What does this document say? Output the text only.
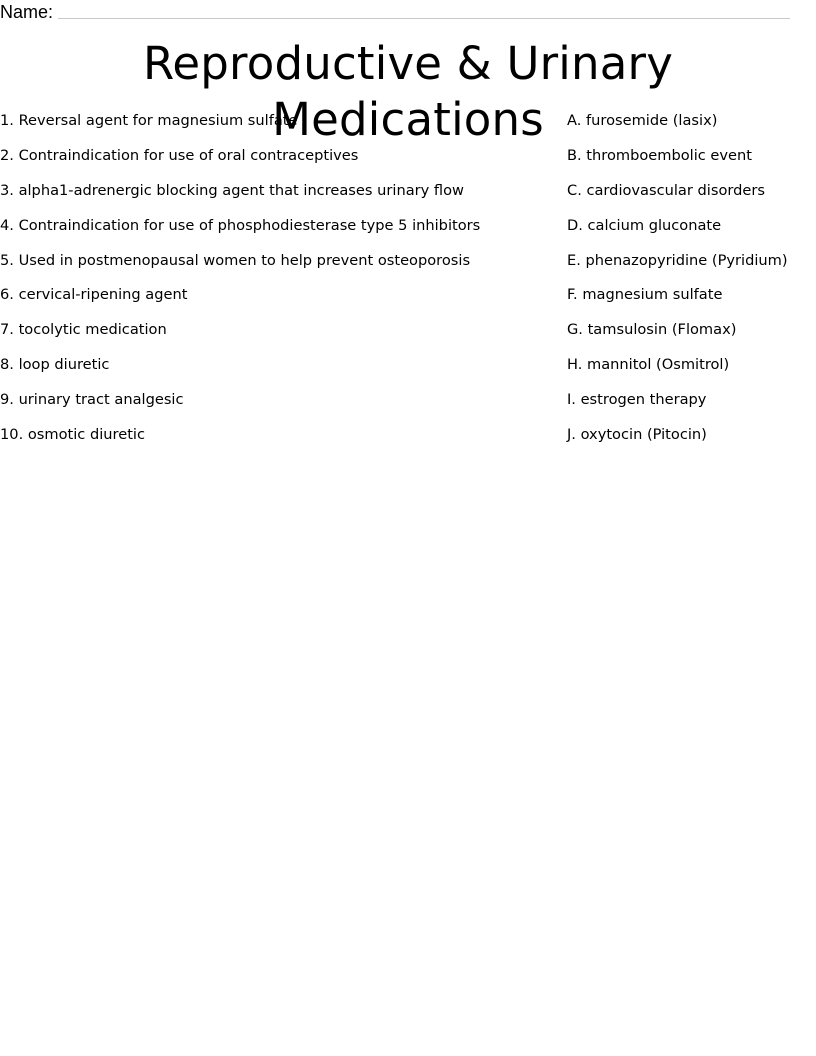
Name:
Reproductive & Urinary Medications
1. Reversal agent for magnesium sulfate
2. Contraindication for use of oral contraceptives
3. alpha1-adrenergic blocking agent that increases urinary flow
4. Contraindication for use of phosphodiesterase type 5 inhibitors
5. Used in postmenopausal women to help prevent osteoporosis
6. cervical-ripening agent
7. tocolytic medication
8. loop diuretic
9. urinary tract analgesic
10. osmotic diuretic
A. furosemide (lasix)
B. thromboembolic event
C. cardiovascular disorders
D. calcium gluconate
E. phenazopyridine (Pyridium)
F. magnesium sulfate
G. tamsulosin (Flomax)
H. mannitol (Osmitrol)
I. estrogen therapy
J. oxytocin (Pitocin)
